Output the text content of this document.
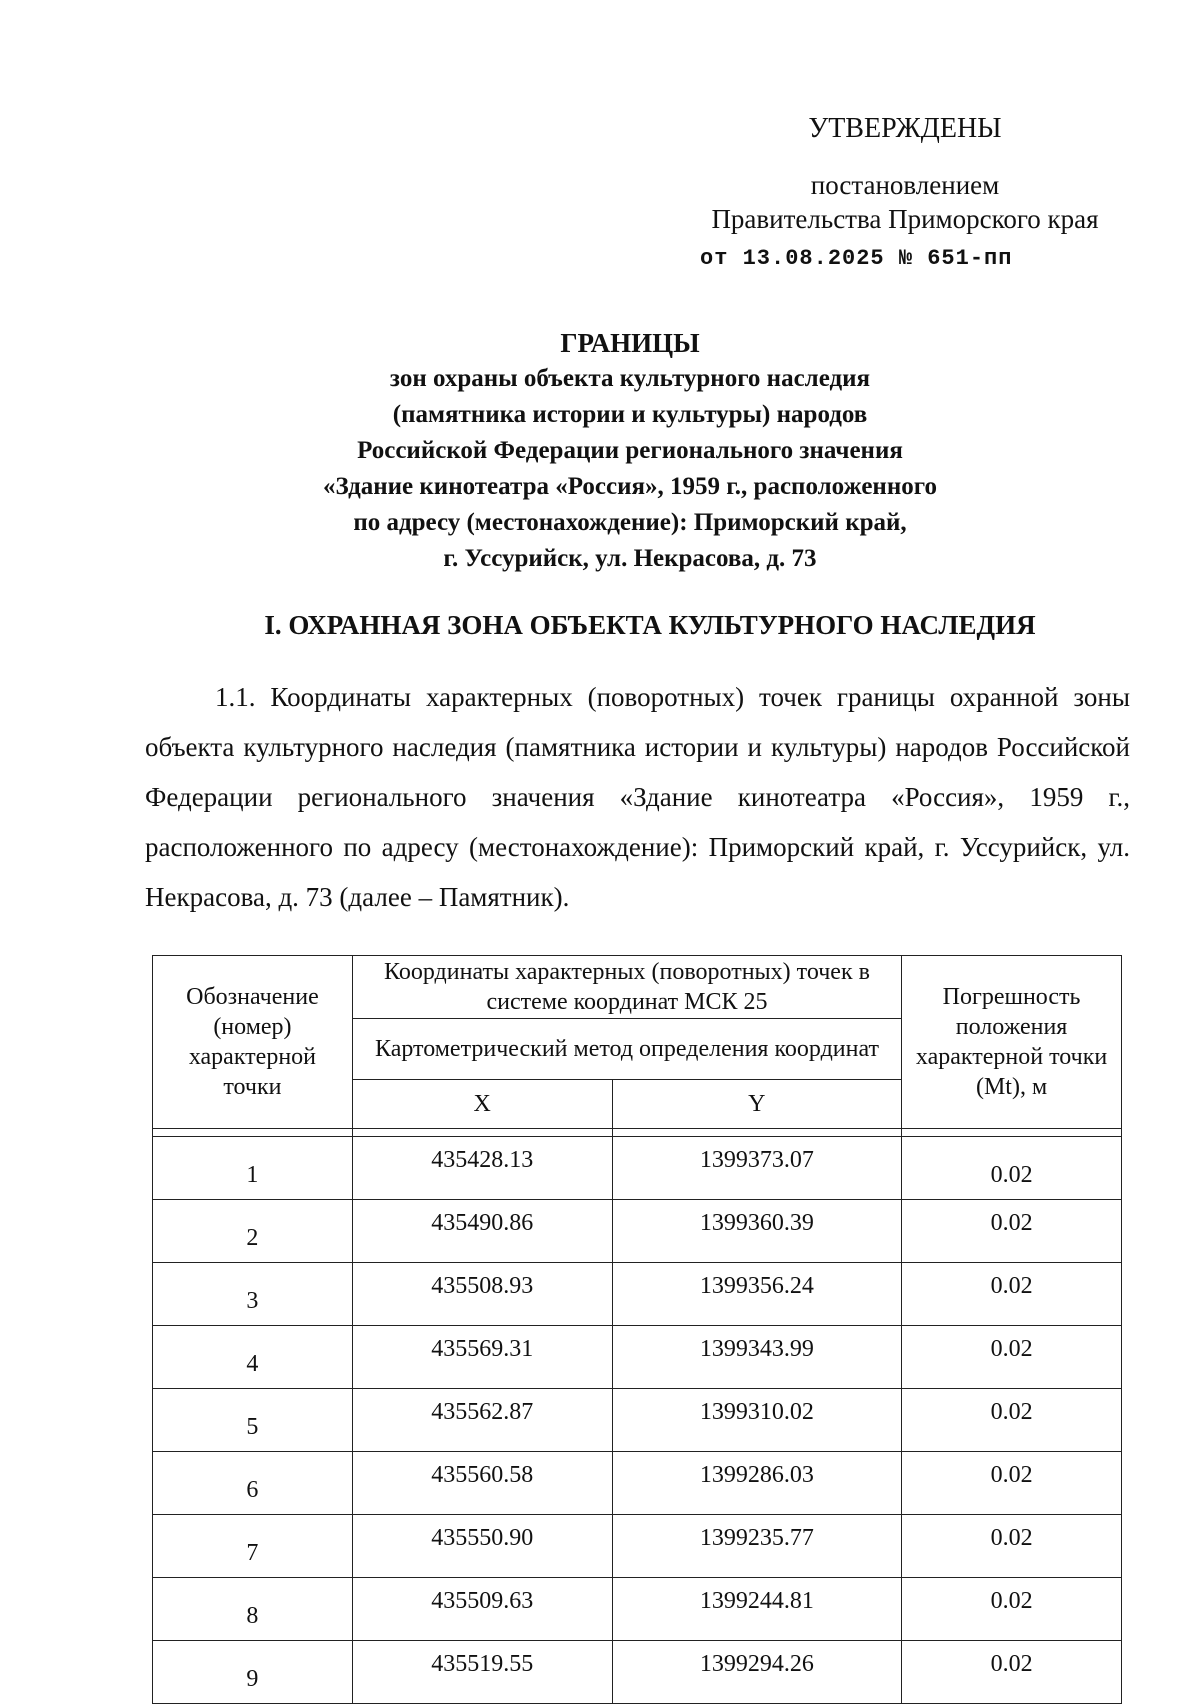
УТВЕРЖДЕНЫ
постановлением
Правительства Приморского края
от 13.08.2025 № 651-пп
ГРАНИЦЫ
зон охраны объекта культурного наследия
(памятника истории и культуры) народов
Российской Федерации регионального значения
«Здание кинотеатра «Россия», 1959 г., расположенного
по адресу (местонахождение): Приморский край,
г. Уссурийск, ул. Некрасова, д. 73
I. ОХРАННАЯ ЗОНА ОБЪЕКТА КУЛЬТУРНОГО НАСЛЕДИЯ

1.1. Координаты характерных (поворотных) точек границы охранной зоны объекта культурного наследия (памятника истории и культуры) народов Российской Федерации регионального значения «Здание кинотеатра «Россия», 1959 г., расположенного по адресу (местонахождение): Приморский край, г. Уссурийск, ул. Некрасова, д. 73 (далее – Памятник).

Обозначение (номер) характерной точки	Координаты характерных (поворотных) точек в системе координат МСК 25		Погрешность положения характерной точки (Mt), м
	Картометрический метод определения координат		
	X	Y	

1	435428.13	1399373.07	0.02
2	435490.86	1399360.39	0.02
3	435508.93	1399356.24	0.02
4	435569.31	1399343.99	0.02
5	435562.87	1399310.02	0.02
6	435560.58	1399286.03	0.02
7	435550.90	1399235.77	0.02
8	435509.63	1399244.81	0.02
9	435519.55	1399294.26	0.02
